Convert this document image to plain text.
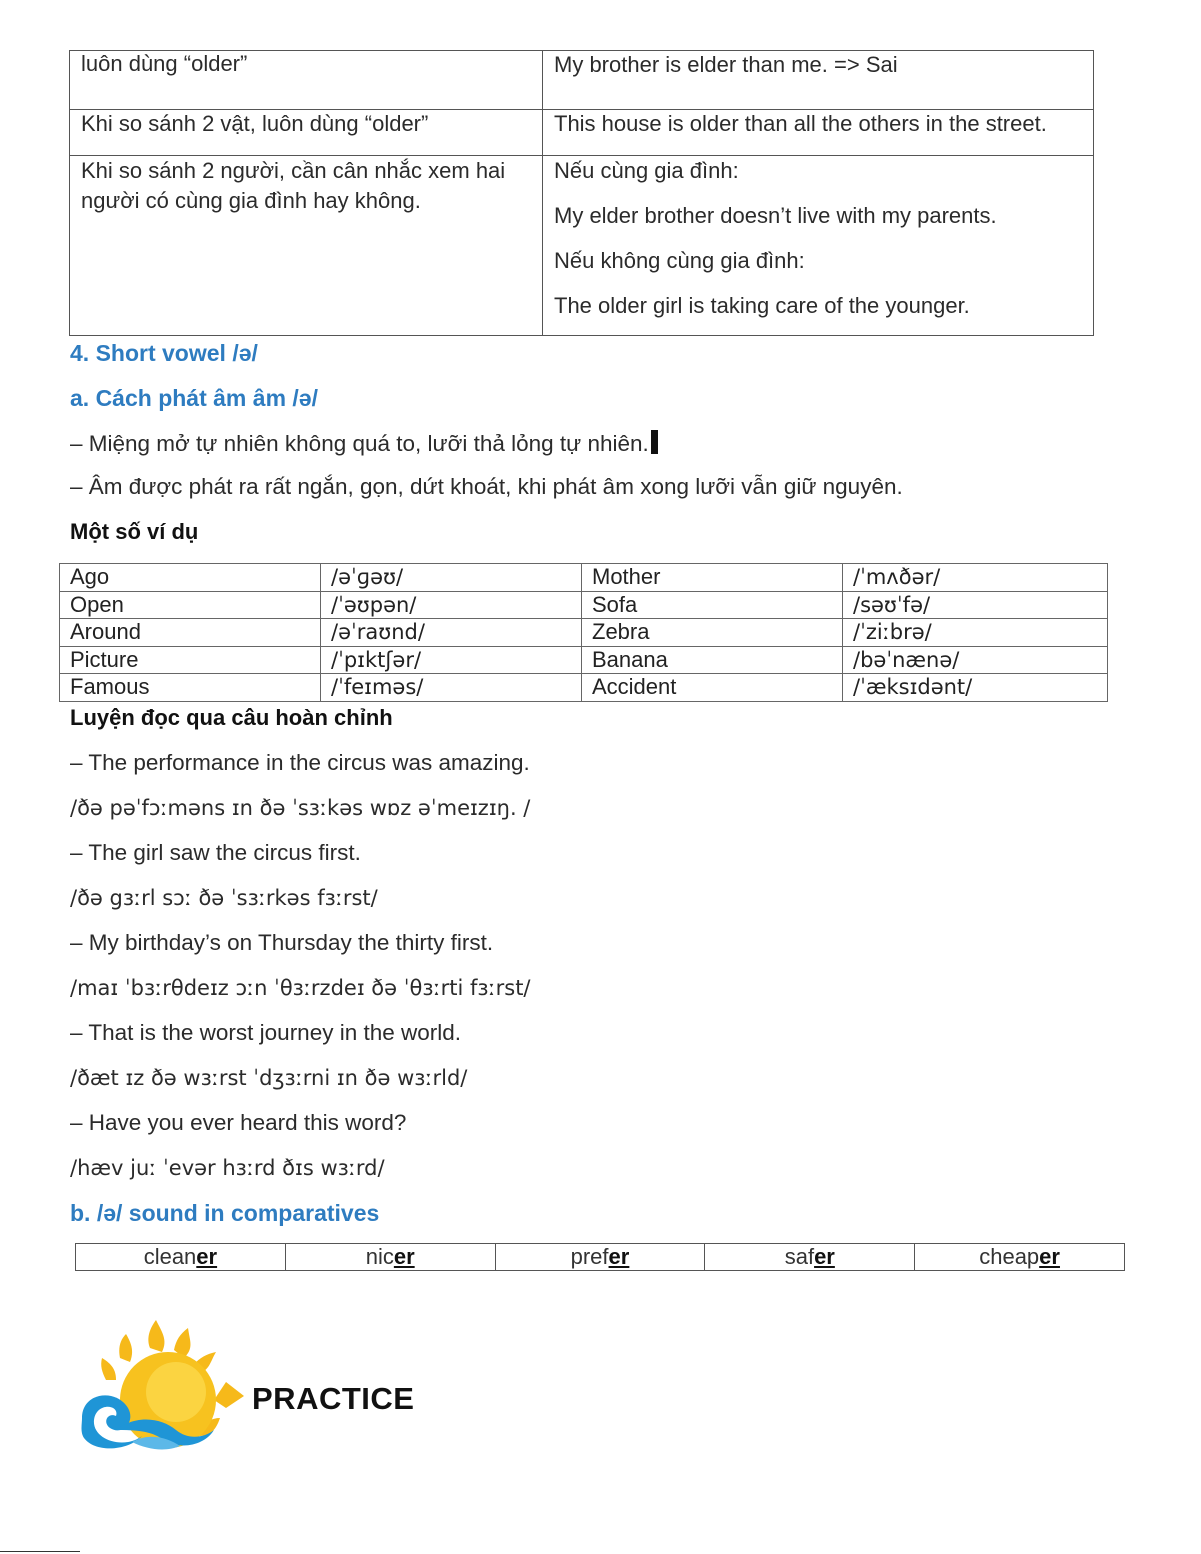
luôn dùng “older”	My brother is elder than me. => Sai
Khi so sánh 2 vật, luôn dùng “older”	This house is older than all the others in the street.
Khi so sánh 2 người, cần cân nhắc xem hai người có cùng gia đình hay không.	Nếu cùng gia đình:

My elder brother doesn’t live with my parents.

Nếu không cùng gia đình:

The older girl is taking care of the younger.

4. Short vowel /ə/
a. Cách phát âm âm /ə/
– Miệng mở tự nhiên không quá to, lưỡi thả lỏng tự nhiên.
– Âm được phát ra rất ngắn, gọn, dứt khoát, khi phát âm xong lưỡi vẫn giữ nguyên.
Một số ví dụ
Ago	/əˈɡəʊ/	Mother	/ˈmʌðər/
Open	/ˈəʊpən/	Sofa	/səʊˈfə/
Around	/əˈraʊnd/	Zebra	/ˈziːbrə/
Picture	/ˈpɪktʃər/	Banana	/bəˈnænə/
Famous	/ˈfeɪməs/	Accident	/ˈæksɪdənt/
Luyện đọc qua câu hoàn chỉnh
– The performance in the circus was amazing.
/ðə pəˈfɔːməns ɪn ðə ˈsɜːkəs wɒz əˈmeɪzɪŋ. /
– The girl saw the circus first.
/ðə gɜːrl sɔː ðə ˈsɜːrkəs fɜːrst/
– My birthday’s on Thursday the thirty first.
/maɪ ˈbɜːrθdeɪz ɔːn ˈθɜːrzdeɪ ðə ˈθɜːrti fɜːrst/
– That is the worst journey in the world.
/ðæt ɪz ðə wɜːrst ˈdʒɜːrni ɪn ðə wɜːrld/
– Have you ever heard this word?
/hæv juː ˈevər hɜːrd ðɪs wɜːrd/
b. /ə/ sound in comparatives
cleaner	nicer	prefer	safer	cheaper
PRACTICE
